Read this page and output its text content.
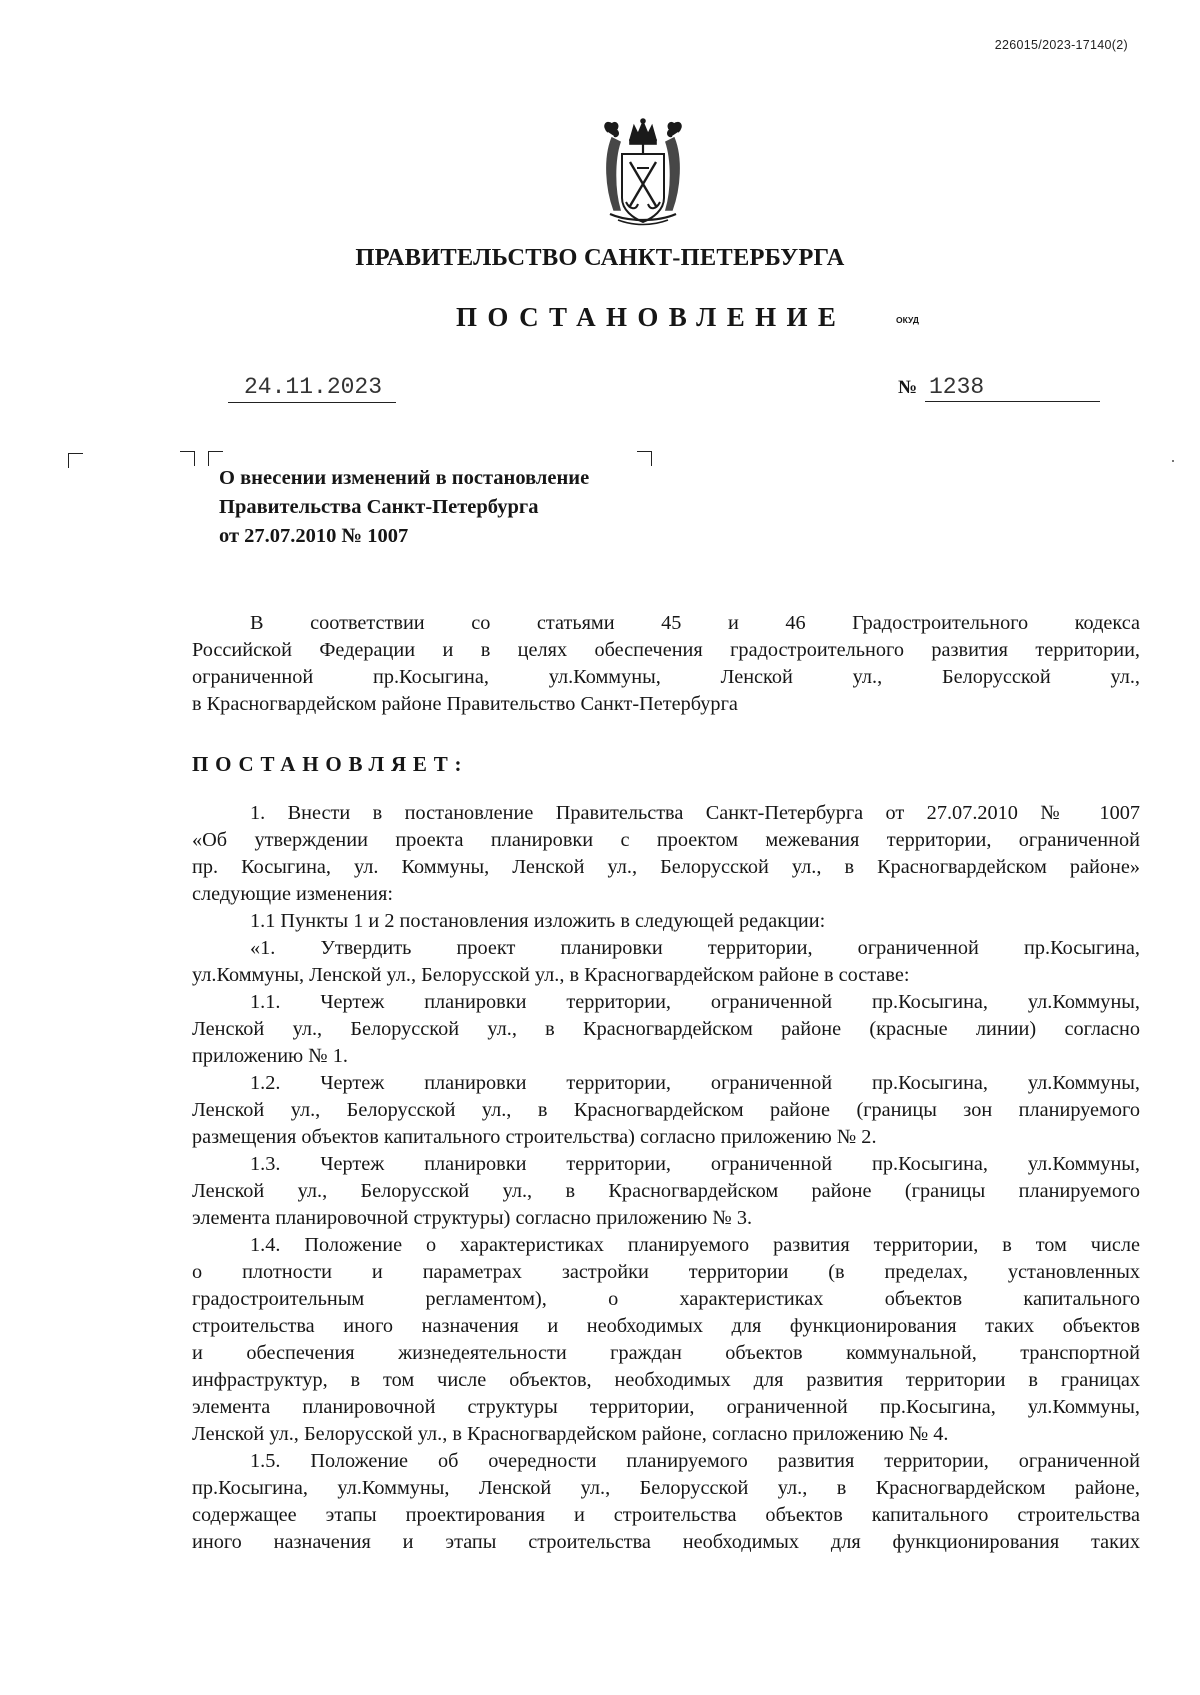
226015/2023-17140(2)
ПРАВИТЕЛЬСТВО САНКТ-ПЕТЕРБУРГА
ПОСТАНОВЛЕНИЕ	ОКУД
24.11.2023	№ 1238
О внесении изменений в постановление
Правительства Санкт-Петербурга
от 27.07.2010 № 1007
В соответствии со статьями 45 и 46 Градостроительного кодекса
Российской Федерации и в целях обеспечения градостроительного развития территории,
ограниченной пр.Косыгина, ул.Коммуны, Ленской ул., Белорусской ул.,
в Красногвардейском районе Правительство Санкт-Петербурга
ПОСТАНОВЛЯЕТ:
1. Внести в постановление Правительства Санкт-Петербурга от 27.07.2010 № 1007
«Об утверждении проекта планировки с проектом межевания территории, ограниченной
пр. Косыгина, ул. Коммуны, Ленской ул., Белорусской ул., в Красногвардейском районе»
следующие изменения:
1.1 Пункты 1 и 2 постановления изложить в следующей редакции:
«1. Утвердить проект планировки территории, ограниченной пр.Косыгина,
ул.Коммуны, Ленской ул., Белорусской ул., в Красногвардейском районе в составе:
1.1. Чертеж планировки территории, ограниченной пр.Косыгина, ул.Коммуны,
Ленской ул., Белорусской ул., в Красногвардейском районе (красные линии) согласно
приложению № 1.
1.2. Чертеж планировки территории, ограниченной пр.Косыгина, ул.Коммуны,
Ленской ул., Белорусской ул., в Красногвардейском районе (границы зон планируемого
размещения объектов капитального строительства) согласно приложению № 2.
1.3. Чертеж планировки территории, ограниченной пр.Косыгина, ул.Коммуны,
Ленской ул., Белорусской ул., в Красногвардейском районе (границы планируемого
элемента планировочной структуры) согласно приложению № 3.
1.4. Положение о характеристиках планируемого развития территории, в том числе
о плотности и параметрах застройки территории (в пределах, установленных
градостроительным регламентом), о характеристиках объектов капитального
строительства иного назначения и необходимых для функционирования таких объектов
и обеспечения жизнедеятельности граждан объектов коммунальной, транспортной
инфраструктур, в том числе объектов, необходимых для развития территории в границах
элемента планировочной структуры территории, ограниченной пр.Косыгина, ул.Коммуны,
Ленской ул., Белорусской ул., в Красногвардейском районе, согласно приложению № 4.
1.5. Положение об очередности планируемого развития территории, ограниченной
пр.Косыгина, ул.Коммуны, Ленской ул., Белорусской ул., в Красногвардейском районе,
содержащее этапы проектирования и строительства объектов капитального строительства
иного назначения и этапы строительства необходимых для функционирования таких
